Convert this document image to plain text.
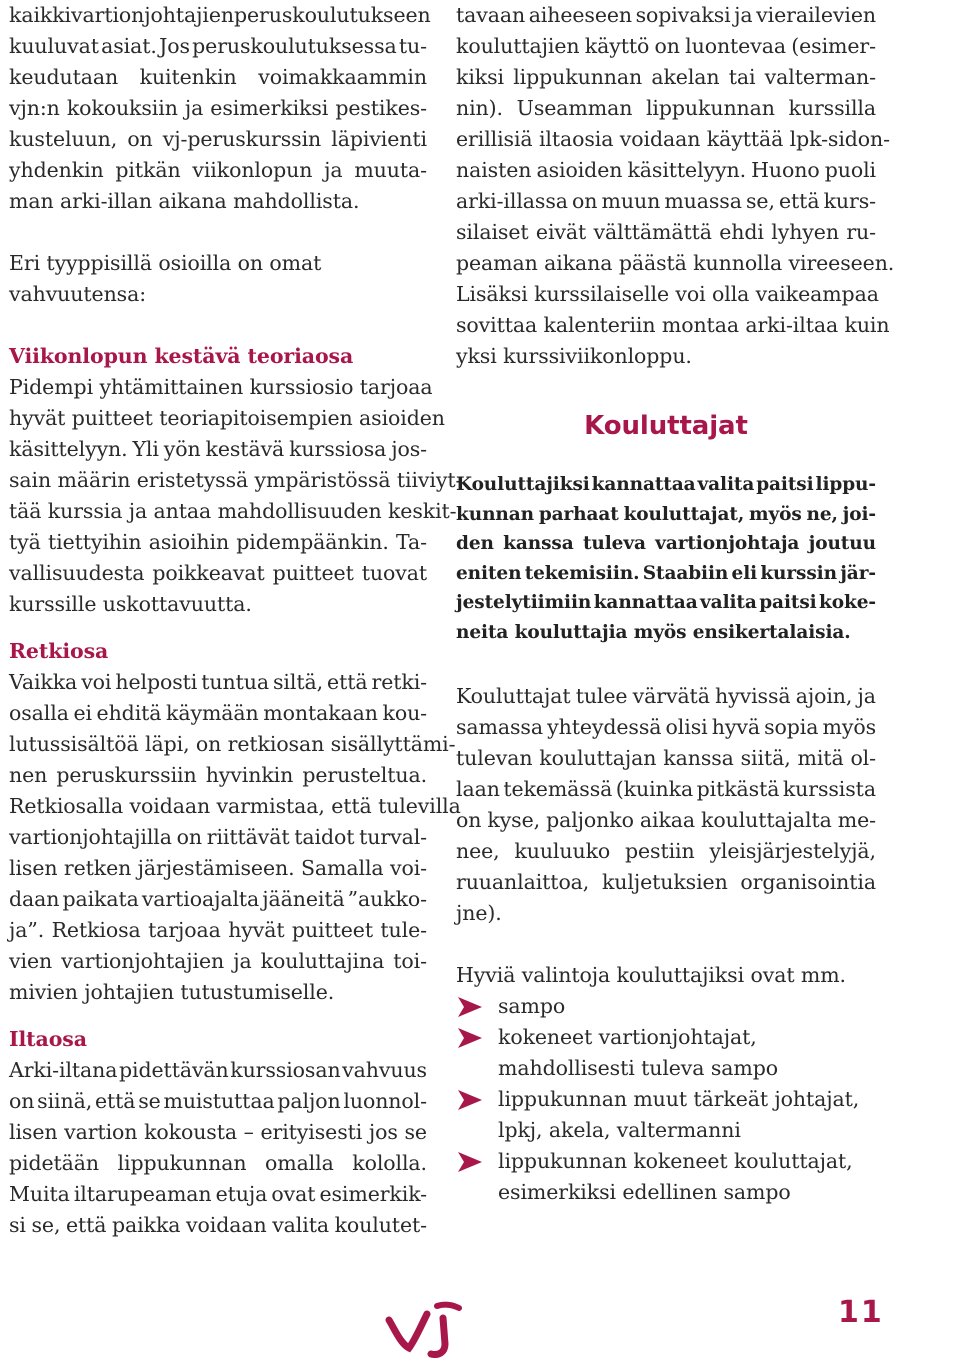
kaikki vartionjohtajien peruskoulutukseen
kuuluvat asiat. Jos peruskoulutuksessa tu-
keudutaan kuitenkin voimakkaammin
vjn:n kokouksiin ja esimerkiksi pestikes-
kusteluun, on vj-peruskurssin läpivienti
yhdenkin pitkän viikonlopun ja muuta-
man arki-illan aikana mahdollista.

Eri tyyppisillä osioilla on omat
vahvuutensa:

Viikonlopun kestävä teoriaosa
Pidempi yhtämittainen kurssiosio tarjoaa
hyvät puitteet teoriapitoisempien asioiden
käsittelyyn. Yli yön kestävä kurssiosa jos-
sain määrin eristetyssä ympäristössä tiiviyt-
tää kurssia ja antaa mahdollisuuden keskit-
tyä tiettyihin asioihin pidempäänkin. Ta-
vallisuudesta poikkeavat puitteet tuovat
kurssille uskottavuutta.

Retkiosa
Vaikka voi helposti tuntua siltä, että retki-
osalla ei ehditä käymään montakaan kou-
lutussisältöä läpi, on retkiosan sisällyttämi-
nen peruskurssiin hyvinkin perusteltua.
Retkiosalla voidaan varmistaa, että tulevilla
vartionjohtajilla on riittävät taidot turval-
lisen retken järjestämiseen. Samalla voi-
daan paikata vartioajalta jääneitä ”aukko-
ja”. Retkiosa tarjoaa hyvät puitteet tule-
vien vartionjohtajien ja kouluttajina toi-
mivien johtajien tutustumiselle.

Iltaosa
Arki-iltana pidettävän kurssiosan vahvuus
on siinä, että se muistuttaa paljon luonnol-
lisen vartion kokousta – erityisesti jos se
pidetään lippukunnan omalla kololla.
Muita iltarupeaman etuja ovat esimerkik-
si se, että paikka voidaan valita koulutet-

tavaan aiheeseen sopivaksi ja vierailevien
kouluttajien käyttö on luontevaa (esimer-
kiksi lippukunnan akelan tai valterman-
nin). Useamman lippukunnan kurssilla
erillisiä iltaosia voidaan käyttää lpk-sidon-
naisten asioiden käsittelyyn. Huono puoli
arki-illassa on muun muassa se, että kurs-
silaiset eivät välttämättä ehdi lyhyen ru-
peaman aikana päästä kunnolla vireeseen.
Lisäksi kurssilaiselle voi olla vaikeampaa
sovittaa kalenteriin montaa arki-iltaa kuin
yksi kurssiviikonloppu.

Kouluttajat

Kouluttajiksi kannattaa valita paitsi lippu-
kunnan parhaat kouluttajat, myös ne, joi-
den kanssa tuleva vartionjohtaja joutuu
eniten tekemisiin. Staabiin eli kurssin jär-
jestelytiimiin kannattaa valita paitsi koke-
neita kouluttajia myös ensikertalaisia.

Kouluttajat tulee värvätä hyvissä ajoin, ja
samassa yhteydessä olisi hyvä sopia myös
tulevan kouluttajan kanssa siitä, mitä ol-
laan tekemässä (kuinka pitkästä kurssista
on kyse, paljonko aikaa kouluttajalta me-
nee, kuuluuko pestiin yleisjärjestelyjä,
ruuanlaittoa, kuljetuksien organisointia
jne).

Hyviä valintoja kouluttajiksi ovat mm.

sampo
kokeneet vartionjohtajat,
mahdollisesti tuleva sampo
lippukunnan muut tärkeät johtajat,
lpkj, akela, valtermanni
lippukunnan kokeneet kouluttajat,
esimerkiksi edellinen sampo
11
